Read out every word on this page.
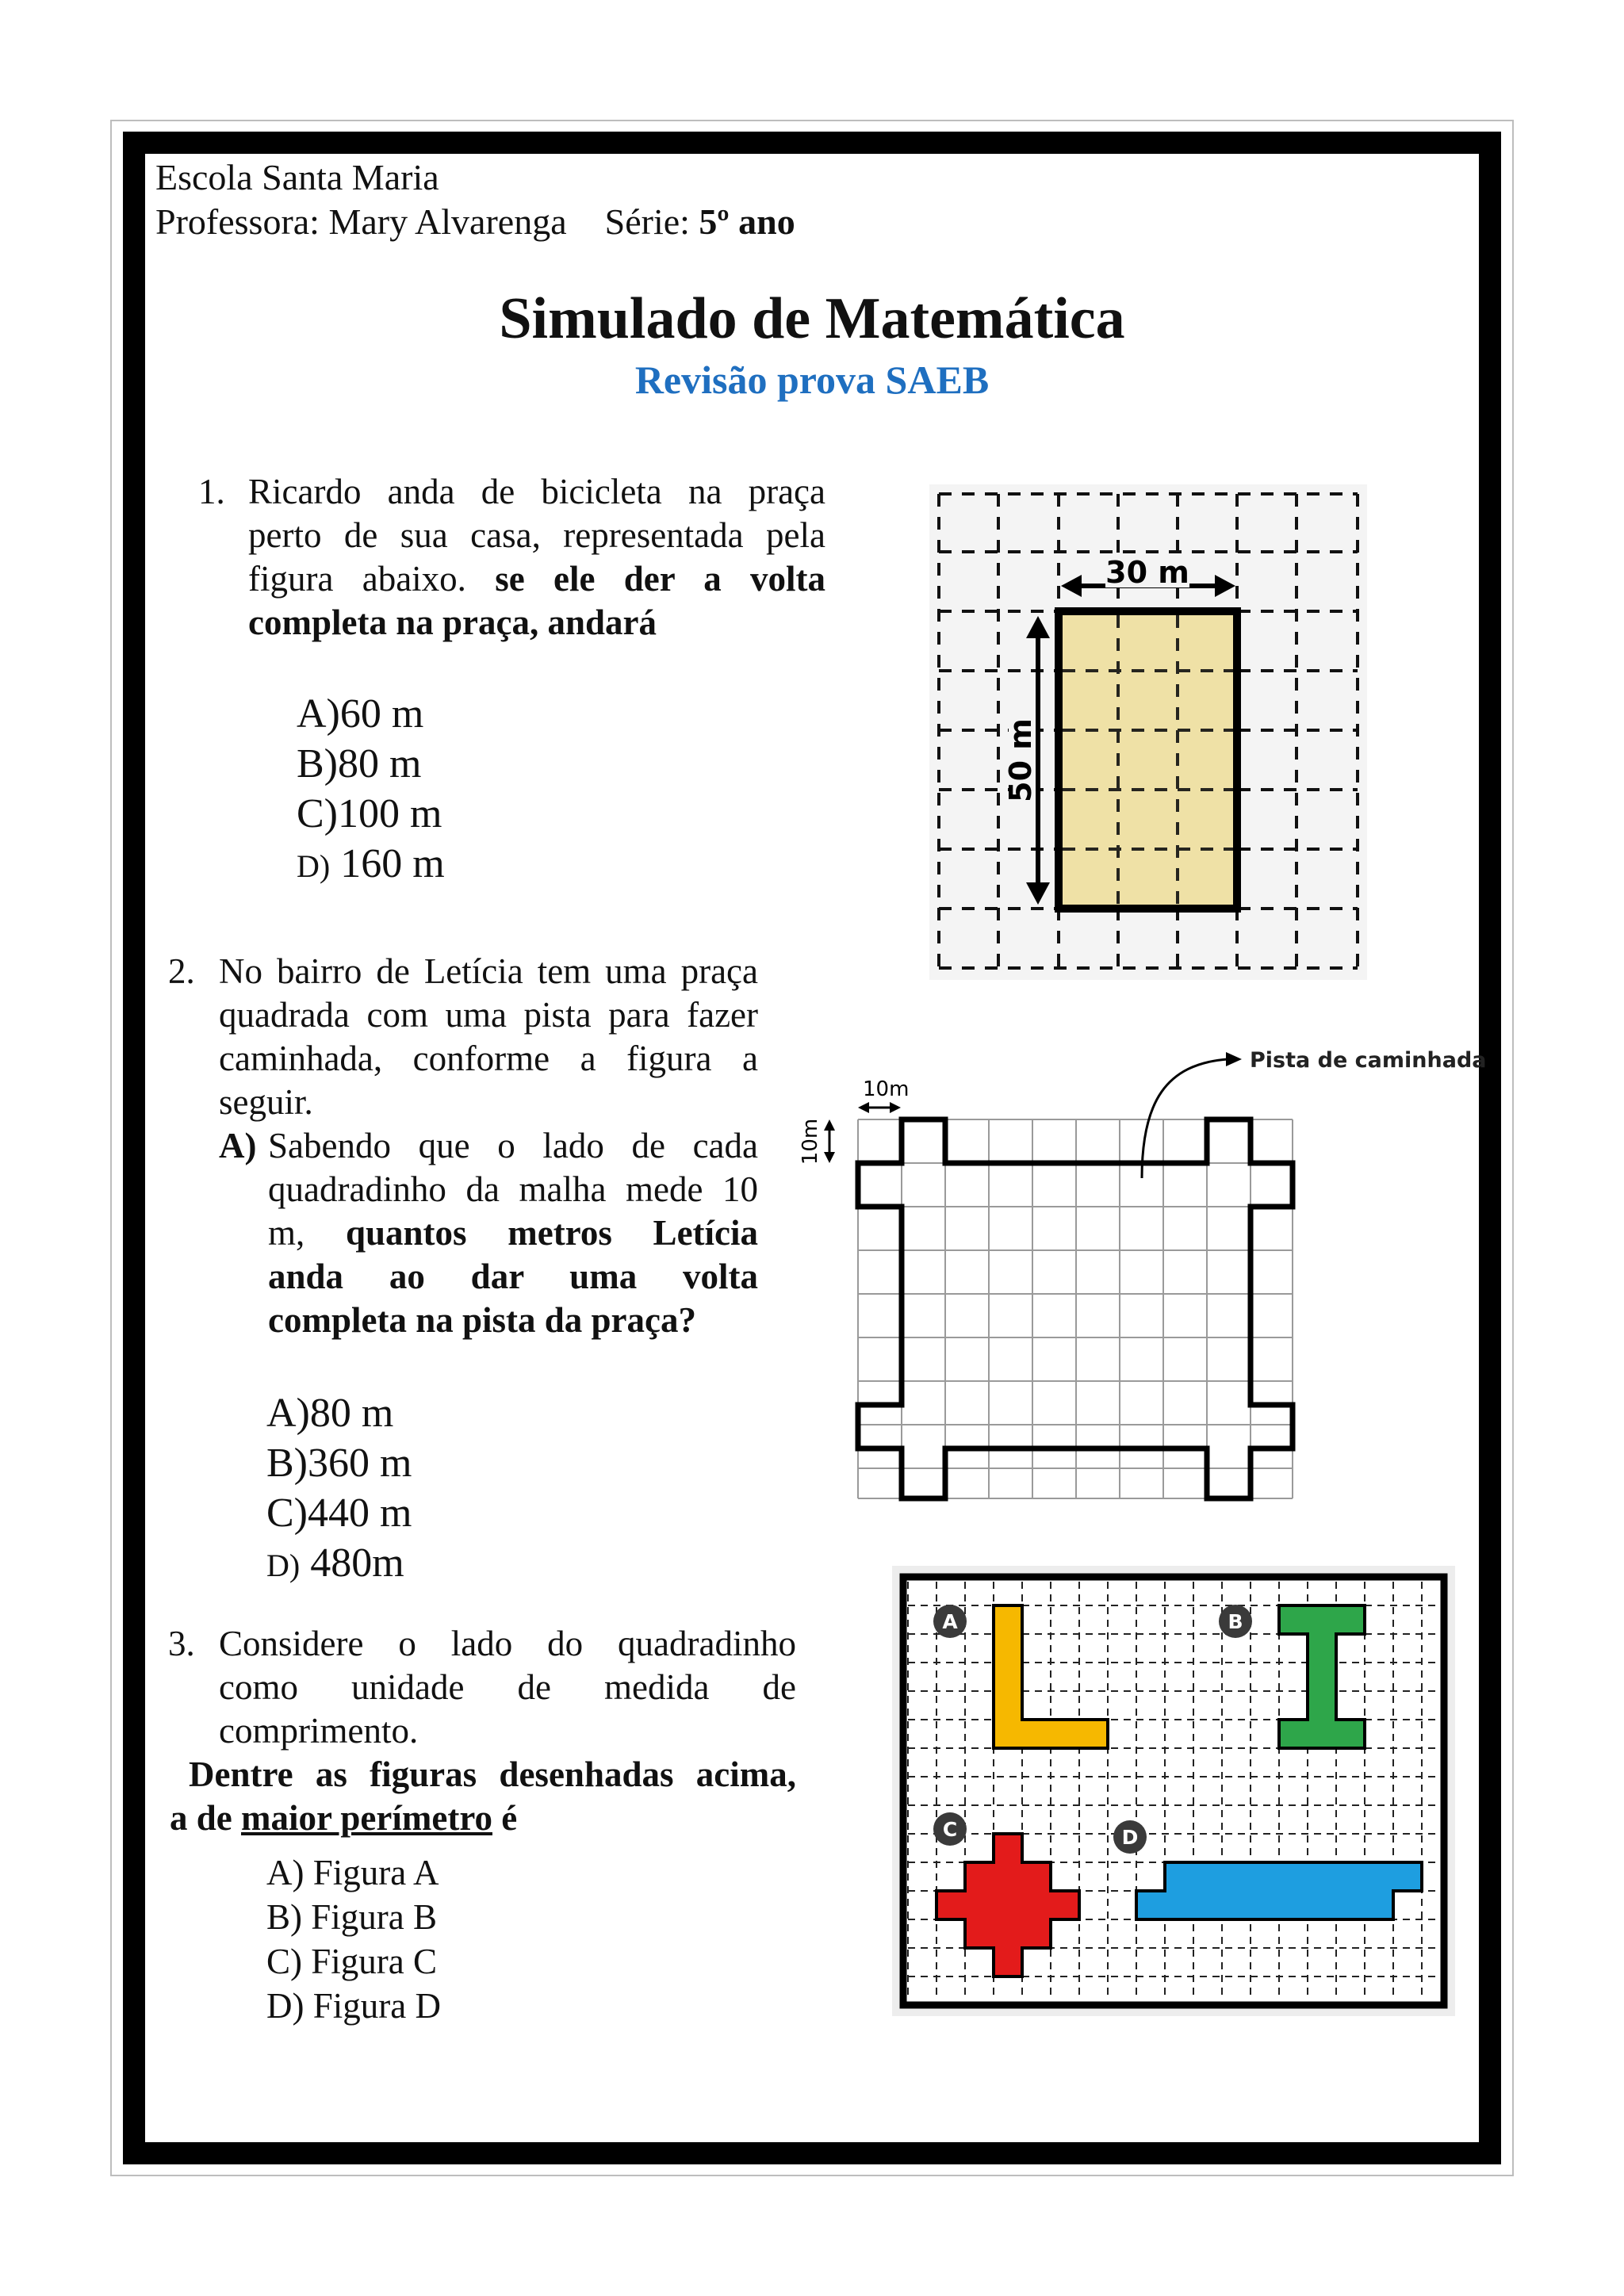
Escola Santa Maria
Professora: Mary Alvarenga Série: 5º ano
Simulado de Matemática
Revisão prova SAEB
1. Ricardo anda de bicicleta na praça
perto de sua casa, representada pela
figura abaixo. se ele der a volta
completa na praça, andará
A)60 m
B)80 m
C)100 m
D) 160 m
30 m
50 m
2. No bairro de Letícia tem uma praça
quadrada com uma pista para fazer
caminhada, conforme a figura a
seguir.
A) Sabendo que o lado de cada
quadradinho da malha mede 10
m, quantos metros Letícia
anda ao dar uma volta
completa na pista da praça?
A)80 m
B)360 m
C)440 m
D) 480m
10m
10m
Pista de caminhada
3. Considere o lado do quadradinho
como unidade de medida de
comprimento.
Dentre as figuras desenhadas acima,
a de maior perímetro é
A) Figura A
B) Figura B
C) Figura C
D) Figura D
A	B
C	D
